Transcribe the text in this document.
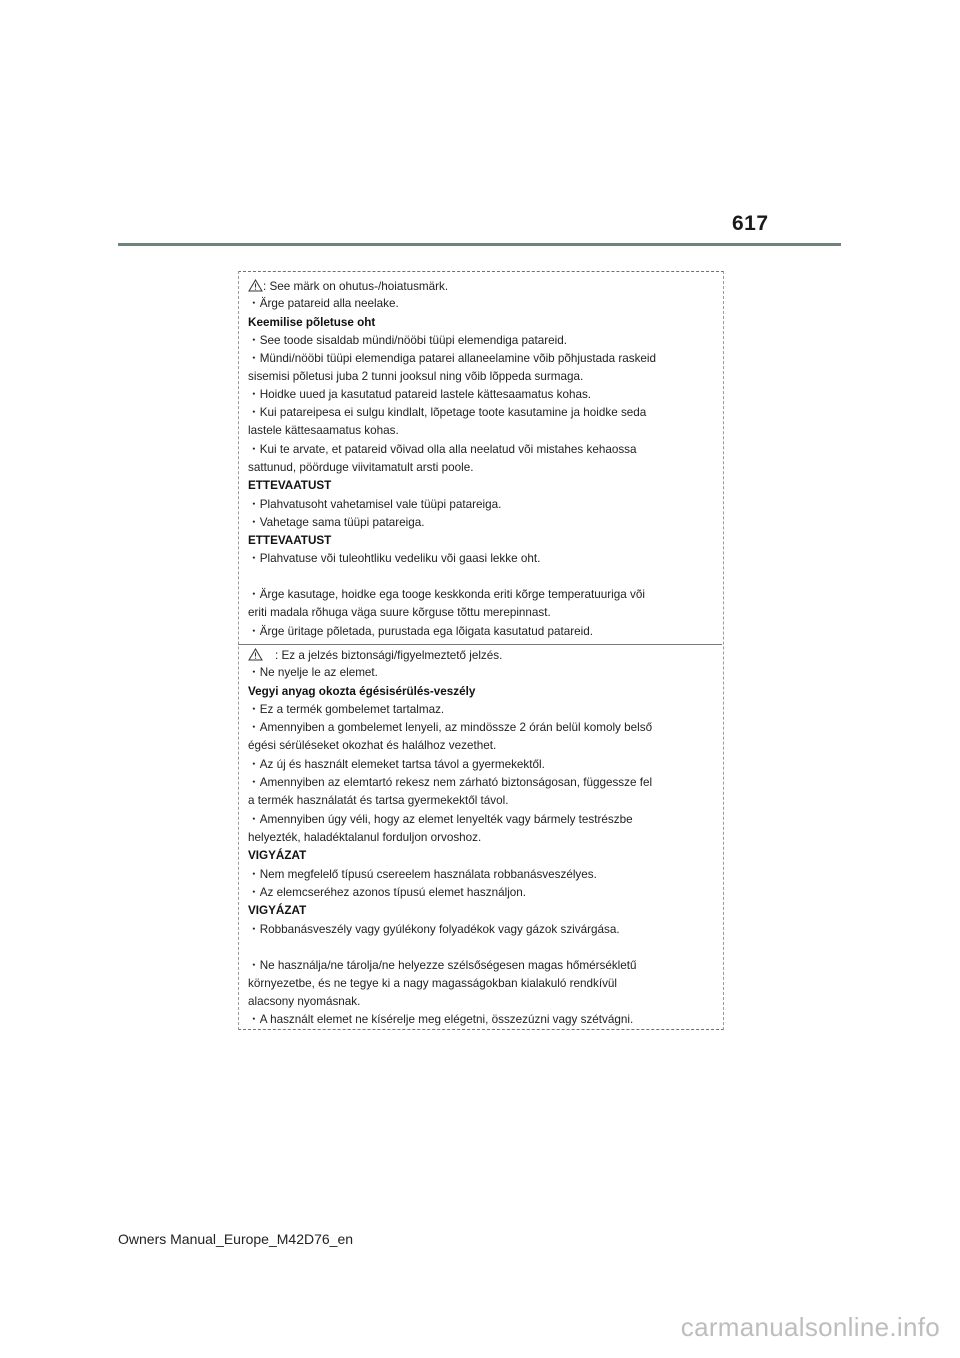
617
: See märk on ohutus-/hoiatusmärk.
・Ärge patareid alla neelake.
Keemilise põletuse oht
・See toode sisaldab mündi/nööbi tüüpi elemendiga patareid.
・Mündi/nööbi tüüpi elemendiga patarei allaneelamine võib põhjustada raskeid
sisemisi põletusi juba 2 tunni jooksul ning võib lõppeda surmaga.
・Hoidke uued ja kasutatud patareid lastele kättesaamatus kohas.
・Kui patareipesa ei sulgu kindlalt, lõpetage toote kasutamine ja hoidke seda
lastele kättesaamatus kohas.
・Kui te arvate, et patareid võivad olla alla neelatud või mistahes kehaossa
sattunud, pöörduge viivitamatult arsti poole.
ETTEVAATUST
・Plahvatusoht vahetamisel vale tüüpi patareiga.
・Vahetage sama tüüpi patareiga.
ETTEVAATUST
・Plahvatuse või tuleohtliku vedeliku või gaasi lekke oht.
・Ärge kasutage, hoidke ega tooge keskkonda eriti kõrge temperatuuriga või
eriti madala rõhuga väga suure kõrguse tõttu merepinnast.
・Ärge üritage põletada, purustada ega lõigata kasutatud patareid.
: Ez a jelzés biztonsági/figyelmeztető jelzés.
・Ne nyelje le az elemet.
Vegyi anyag okozta égésisérülés-veszély
・Ez a termék gombelemet tartalmaz.
・Amennyiben a gombelemet lenyeli, az mindössze 2 órán belül komoly belső
égési sérüléseket okozhat és halálhoz vezethet.
・Az új és használt elemeket tartsa távol a gyermekektől.
・Amennyiben az elemtartó rekesz nem zárható biztonságosan, függessze fel
a termék használatát és tartsa gyermekektől távol.
・Amennyiben úgy véli, hogy az elemet lenyelték vagy bármely testrészbe
helyezték, haladéktalanul forduljon orvoshoz.
VIGYÁZAT
・Nem megfelelő típusú csereelem használata robbanásveszélyes.
・Az elemcseréhez azonos típusú elemet használjon.
VIGYÁZAT
・Robbanásveszély vagy gyúlékony folyadékok vagy gázok szivárgása.
・Ne használja/ne tárolja/ne helyezze szélsőségesen magas hőmérsékletű
környezetbe, és ne tegye ki a nagy magasságokban kialakuló rendkívül
alacsony nyomásnak.
・A használt elemet ne kísérelje meg elégetni, összezúzni vagy szétvágni.
Owners Manual_Europe_M42D76_en
carmanualsonline.info
